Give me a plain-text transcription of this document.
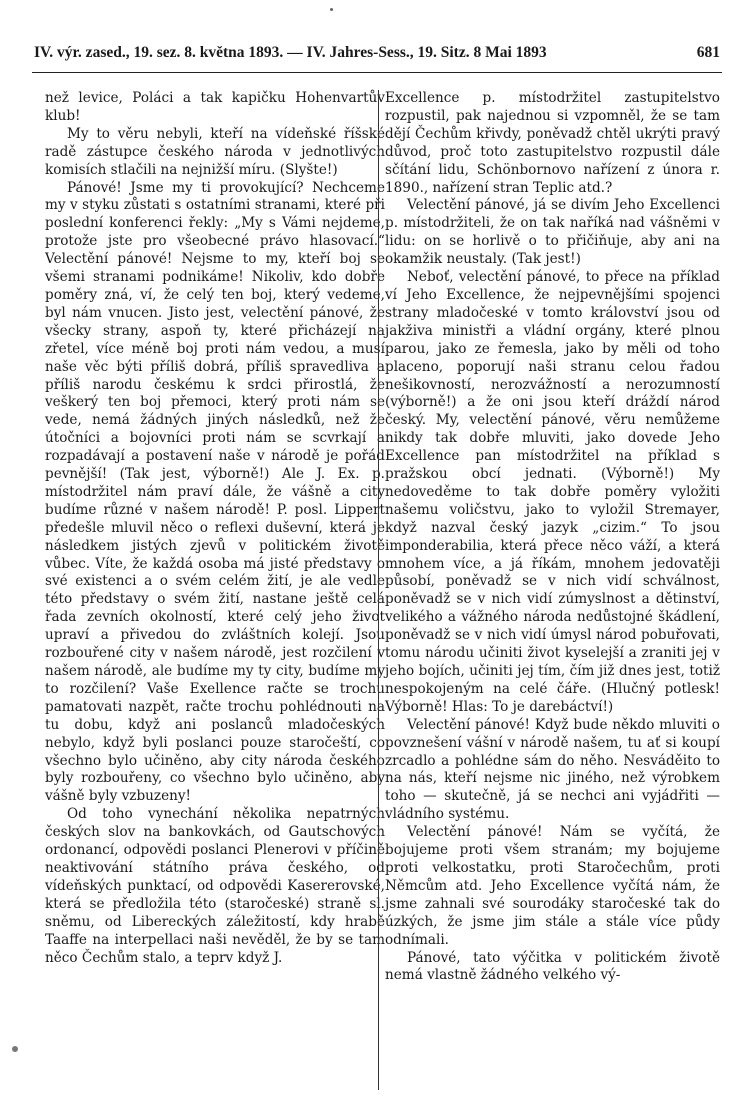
IV. výr. zased., 19. sez. 8. května 1893. — IV. Jahres-Sess., 19. Sitz. 8 Mai 1893	681

než levice, Poláci a tak kapičku Hohenvartův klub!

My to věru nebyli, kteří na vídeňské říšské radě zástupce českého národa v jednotlivých komisích stlačili na nejnižší míru. (Slyšte!)

Pánové! Jsme my ti provokující? Nechceme my v styku zůstati s ostatními stranami, které při poslední konferenci řekly: „My s Vámi nejdeme, protože jste pro všeobecné právo hlasovací.“ Velectění pánové! Nejsme to my, kteří boj se všemi stranami podnikáme! Nikoliv, kdo dobře poměry zná, ví, že celý ten boj, který vedeme, byl nám vnucen. Jisto jest, velectění pánové, že všecky strany, aspoň ty, které přicházejí na zřetel, více méně boj proti nám vedou, a musí naše věc býti příliš dobrá, příliš spravedliva a příliš narodu českému k srdci přirostlá, že veškerý ten boj přemoci, který proti nám se vede, nemá žádných jiných následků, než že útočníci a bojovníci proti nám se scvrkají a rozpadávají a postavení naše v národě je pořád pevnější! (Tak jest, výborně!) Ale J. Ex. p. místodržitel nám praví dále, že vášně a city budíme různé v našem národě! P. posl. Lippert předešle mluvil něco o reflexi duševní, která je následkem jistých zjevů v politickém životě vůbec. Víte, že každá osoba má jisté představy o své existenci a o svém celém žití, je ale vedle této představy o svém žití, nastane ještě celá řada zevních okolností, které celý jeho život upraví a přivedou do zvláštních kolejí. Jsou rozbouřené city v našem národě, jest rozčilení v našem národě, ale budíme my ty city, budíme my to rozčilení? Vaše Exellence račte se trochu pamatovati nazpět, račte trochu pohlédnouti na tu dobu, když ani poslanců mladočeských nebylo, když byli poslanci pouze staročeští, co všechno bylo učiněno, aby city národa českého byly rozbouřeny, co všechno bylo učiněno, aby vášně byly vzbuzeny!

Od toho vynechání několika nepatrných českých slov na bankovkách, od Gautschových ordonancí, odpovědi poslanci Plenerovi v příčině neaktivování státního práva českého, od vídeňských punktací, od odpovědi Kasererovské, která se předložila této (staročeské) straně sl. sněmu, od Libereckých záležitostí, kdy hrabě Taaffe na interpellaci naši nevěděl, že by se tam něco Čechům stalo, a teprv když J.

Excellence p. místodržitel zastupitelstvo rozpustil, pak najednou si vzpomněl, že se tam dějí Čechům křivdy, poněvadž chtěl ukrýti pravý důvod, proč toto zastupitelstvo rozpustil dále sčítání lidu, Schönbornovo nařízení z února r. 1890., nařízení stran Teplic atd.?

Velectění pánové, já se divím Jeho Excellenci p. místodržiteli, že on tak naříká nad vášněmi v lidu: on se horlivě o to přičiňuje, aby ani na okamžik neustaly. (Tak jest!)

Neboť, velectění pánové, to přece na příklad ví Jeho Excellence, že nejpevnějšími spojenci strany mladočeské v tomto království jsou od jakživa ministři a vládní orgány, které plnou parou, jako ze řemesla, jako by měli od toho placeno, poporují naši stranu celou řadou nešikovností, nerozvážností a nerozumností (výborně!) a že oni jsou kteří dráždí národ český. My, velectění pánové, věru nemůžeme nikdy tak dobře mluviti, jako dovede Jeho Excellence pan místodržitel na příklad s pražskou obcí jednati. (Výborně!) My nedoveděme to tak dobře poměry vyložiti našemu voličstvu, jako to vyložil Stremayer, když nazval český jazyk „cizim.“ To jsou imponderabilia, která přece něco váží, a která mnohem více, a já říkám, mnohem jedovatěji působí, poněvadž se v nich vidí schválnost, poněvadž se v nich vidí zúmyslnost a dětinství, velikého a vážného národa nedůstojné škádlení, poněvadž se v nich vidí úmysl národ pobuřovati, tomu národu učiniti život kyselejší a zraniti jej v jeho bojích, učiniti jej tím, čím již dnes jest, totiž nespokojeným na celé čáře. (Hlučný potlesk! Výborně! Hlas: To je darebáctví!)

Velectění pánové! Když bude někdo mluviti o povznešení vášní v národě našem, tu ať si koupí zrcadlo a pohlédne sám do něho. Nesváděito to na nás, kteří nejsme nic jiného, než výrobkem toho — skutečně, já se nechci ani vyjádřiti — vládního systému.

Velectění pánové! Nám se vyčítá, že bojujeme proti všem stranám; my bojujeme proti velkostatku, proti Staročechům, proti Němcům atd. Jeho Excellence vyčítá nám, že jsme zahnali své sourodáky staročeské tak do úzkých, že jsme jim stále a stále více půdy odnímali.

Pánové, tato výčitka v politickém životě nemá vlastně žádného velkého vý-
